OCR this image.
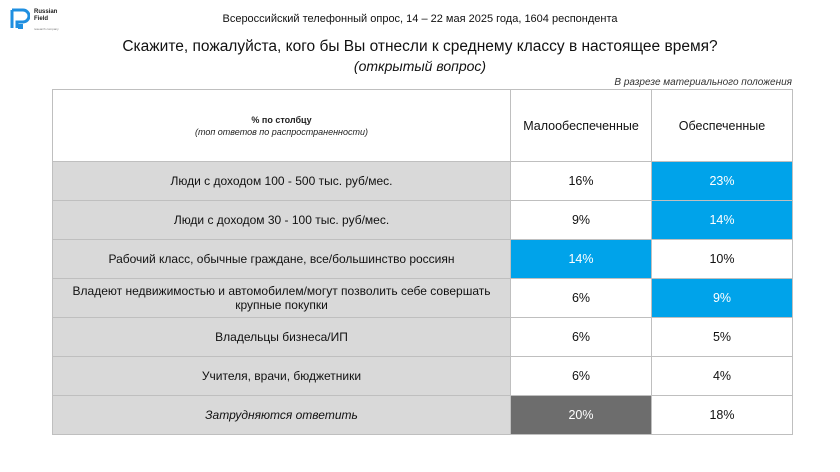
Russian
Field
research company
Всероссийский телефонный опрос, 14 – 22 мая 2025 года, 1604 респондента
Скажите, пожалуйста, кого бы Вы отнесли к среднему классу в настоящее время?
(открытый вопрос)
В разрезе материального положения
% по столбцу
(топ ответов по распространенности)	Малообеспеченные	Обеспеченные
Люди с доходом 100 - 500 тыс. руб/мес.	16%	23%
Люди с доходом 30 - 100 тыс. руб/мес.	9%	14%
Рабочий класс, обычные граждане, все/большинство россиян	14%	10%
Владеют недвижимостью и автомобилем/могут позволить себе совершать крупные покупки	6%	9%
Владельцы бизнеса/ИП	6%	5%
Учителя, врачи, бюджетники	6%	4%
Затрудняются ответить	20%	18%
